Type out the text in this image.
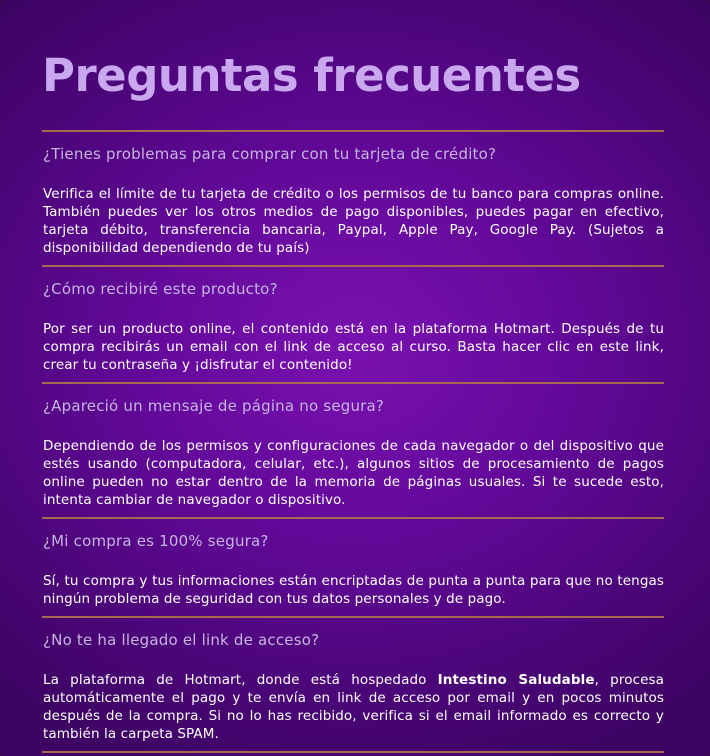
Preguntas frecuentes
¿Tienes problemas para comprar con tu tarjeta de crédito?
Verifica el límite de tu tarjeta de crédito o los permisos de tu banco para compras online. También puedes ver los otros medios de pago disponibles, puedes pagar en efectivo, tarjeta débito, transferencia bancaria, Paypal, Apple Pay, Google Pay. (Sujetos a disponibilidad dependiendo de tu país)
¿Cómo recibiré este producto?
Por ser un producto online, el contenido está en la plataforma Hotmart. Después de tu compra recibirás un email con el link de acceso al curso. Basta hacer clic en este link, crear tu contraseña y ¡disfrutar el contenido!
¿Apareció un mensaje de página no segura?
Dependiendo de los permisos y configuraciones de cada navegador o del dispositivo que estés usando (computadora, celular, etc.), algunos sitios de procesamiento de pagos online pueden no estar dentro de la memoria de páginas usuales. Si te sucede esto, intenta cambiar de navegador o dispositivo.
¿Mi compra es 100% segura?
Sí, tu compra y tus informaciones están encriptadas de punta a punta para que no tengas ningún problema de seguridad con tus datos personales y de pago.
¿No te ha llegado el link de acceso?
La plataforma de Hotmart, donde está hospedado Intestino Saludable, procesa automáticamente el pago y te envía en link de acceso por email y en pocos minutos después de la compra. Si no lo has recibido, verifica si el email informado es correcto y también la carpeta SPAM.
